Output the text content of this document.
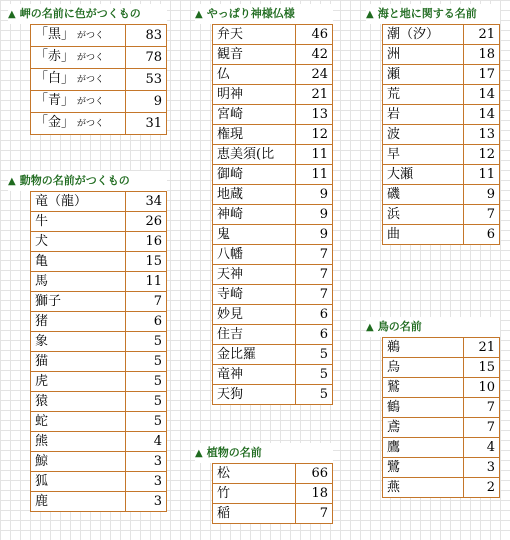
▲ 岬の名前に色がつくもの
「黒」 がつく	83
「赤」 がつく	78
「白」 がつく	53
「青」 がつく	9
「金」 がつく	31
▲ 動物の名前がつくもの
竜（龍）	34
牛	26
犬	16
亀	15
馬	11
獅子	7
猪	6
象	5
猫	5
虎	5
猿	5
蛇	5
熊	4
鯨	3
狐	3
鹿	3
▲ やっぱり神様仏様
弁天	46
観音	42
仏	24
明神	21
宮崎	13
権現	12
恵美須(比	11
御崎	11
地蔵	9
神崎	9
鬼	9
八幡	7
天神	7
寺崎	7
妙見	6
住吉	6
金比羅	5
竜神	5
天狗	5
▲ 植物の名前
松	66
竹	18
稲	7
▲ 海と地に関する名前
潮（汐）	21
洲	18
瀬	17
荒	14
岩	14
波	13
早	12
大瀬	11
磯	9
浜	7
曲	6
▲ 鳥の名前
鵜	21
烏	15
鷲	10
鶴	7
鳶	7
鷹	4
鷺	3
燕	2
